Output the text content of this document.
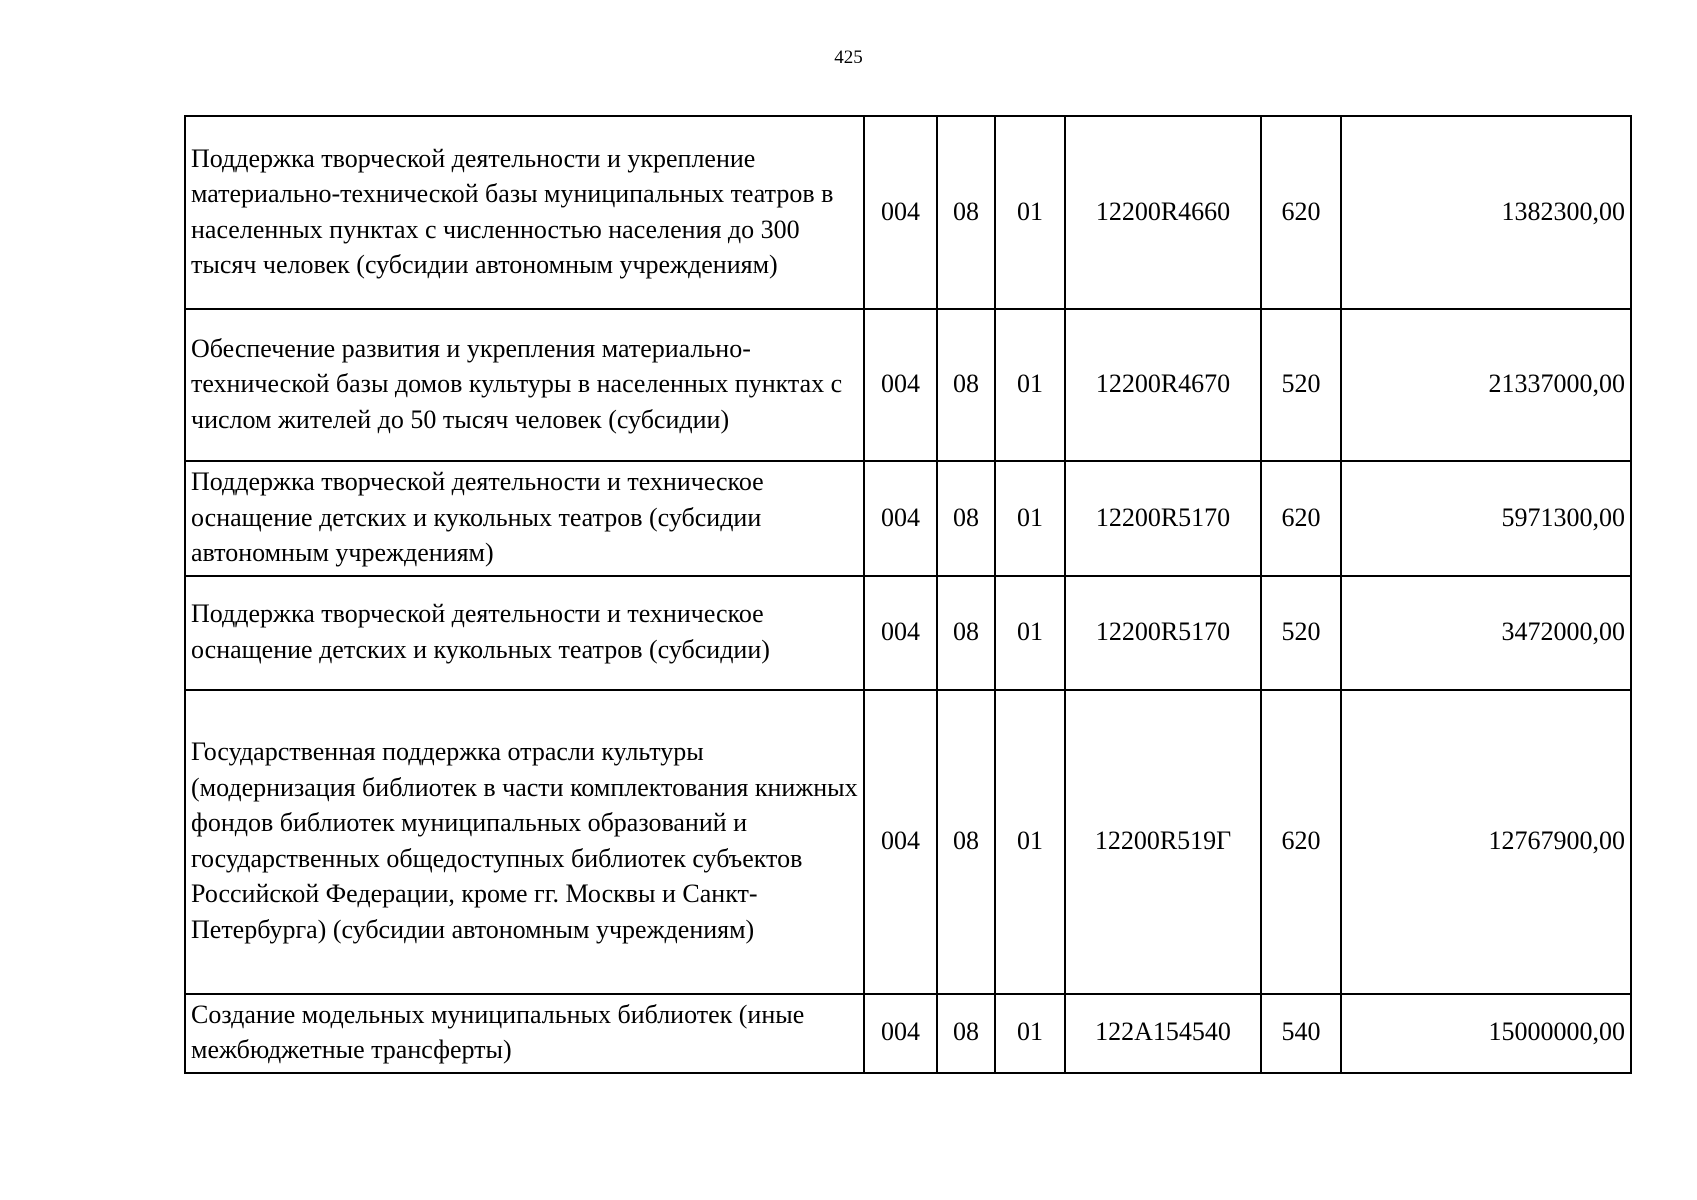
425
Поддержка творческой деятельности и укрепление материально-технической базы муниципальных театров в населенных пунктах с численностью населения до 300 тысяч человек (субсидии автономным учреждениям)	004	08	01	12200R4660	620	1382300,00
Обеспечение развития и укрепления материально-технической базы домов культуры в населенных пунктах с числом жителей до 50 тысяч человек (субсидии)	004	08	01	12200R4670	520	21337000,00
Поддержка творческой деятельности и техническое оснащение детских и кукольных театров (субсидии автономным учреждениям)	004	08	01	12200R5170	620	5971300,00
Поддержка творческой деятельности и техническое оснащение детских и кукольных театров (субсидии)	004	08	01	12200R5170	520	3472000,00
Государственная поддержка отрасли культуры (модернизация библиотек в части комплектования книжных фондов библиотек муниципальных образований и государственных общедоступных библиотек субъектов Российской Федерации, кроме гг. Москвы и Санкт-Петербурга) (субсидии автономным учреждениям)	004	08	01	12200R519Г	620	12767900,00
Создание модельных муниципальных библиотек (иные межбюджетные трансферты)	004	08	01	122A154540	540	15000000,00
